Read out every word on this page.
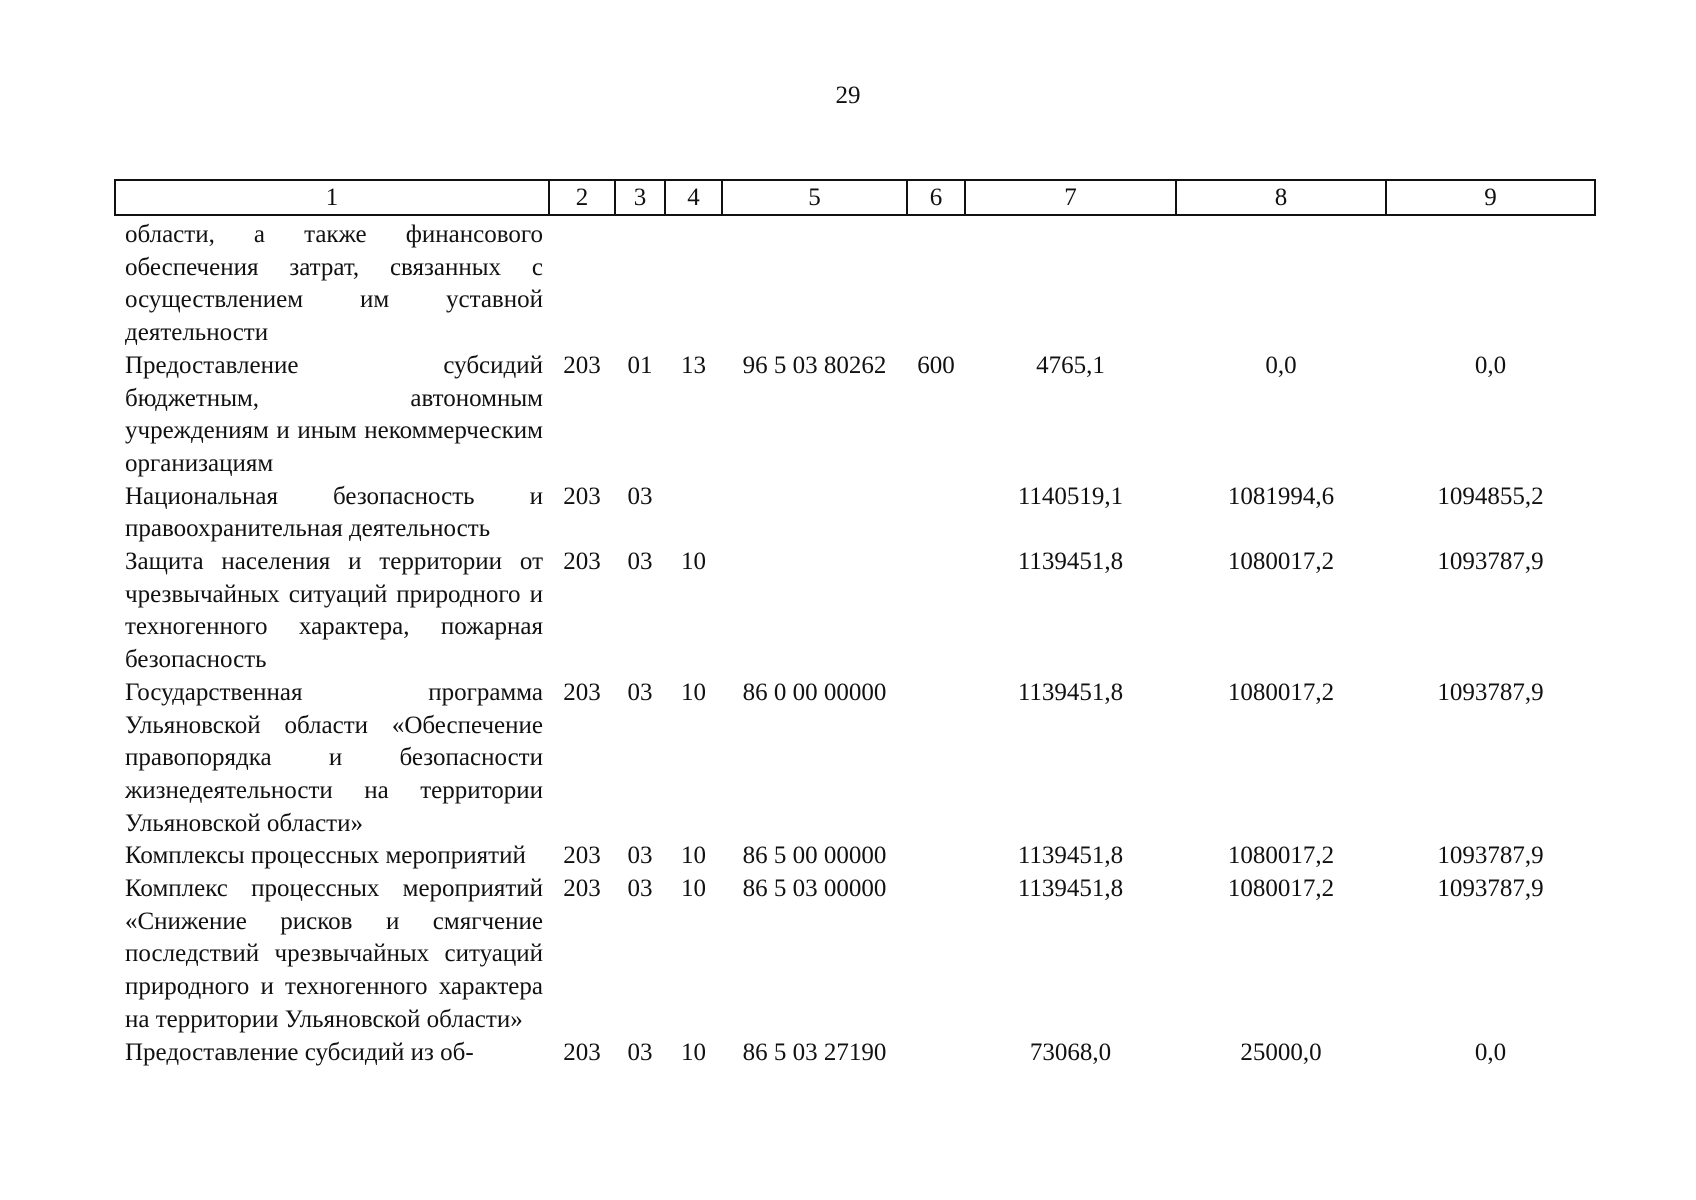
29
1	2	3	4	5	6	7	8	9
области, а также финансового обеспечения затрат, связанных с осуществлением им уставной деятельности								
Предоставление субсидий бюджетным, автономным учреждениям и иным некоммерческим организациям	203	01	13	96 5 03 80262	600	4765,1	0,0	0,0
Национальная безопасность и правоохранительная деятельность	203	03				1140519,1	1081994,6	1094855,2
Защита населения и территории от чрезвычайных ситуаций природного и техногенного характера, пожарная безопасность	203	03	10			1139451,8	1080017,2	1093787,9
Государственная программа Ульяновской области «Обеспечение правопорядка и безопасности жизнедеятельности на территории Ульяновской области»	203	03	10	86 0 00 00000		1139451,8	1080017,2	1093787,9
Комплексы процессных мероприятий	203	03	10	86 5 00 00000		1139451,8	1080017,2	1093787,9
Комплекс процессных мероприятий «Снижение рисков и смягчение последствий чрезвычайных ситуаций природного и техногенного характера на территории Ульяновской области»	203	03	10	86 5 03 00000		1139451,8	1080017,2	1093787,9
Предоставление субсидий из об-	203	03	10	86 5 03 27190		73068,0	25000,0	0,0
